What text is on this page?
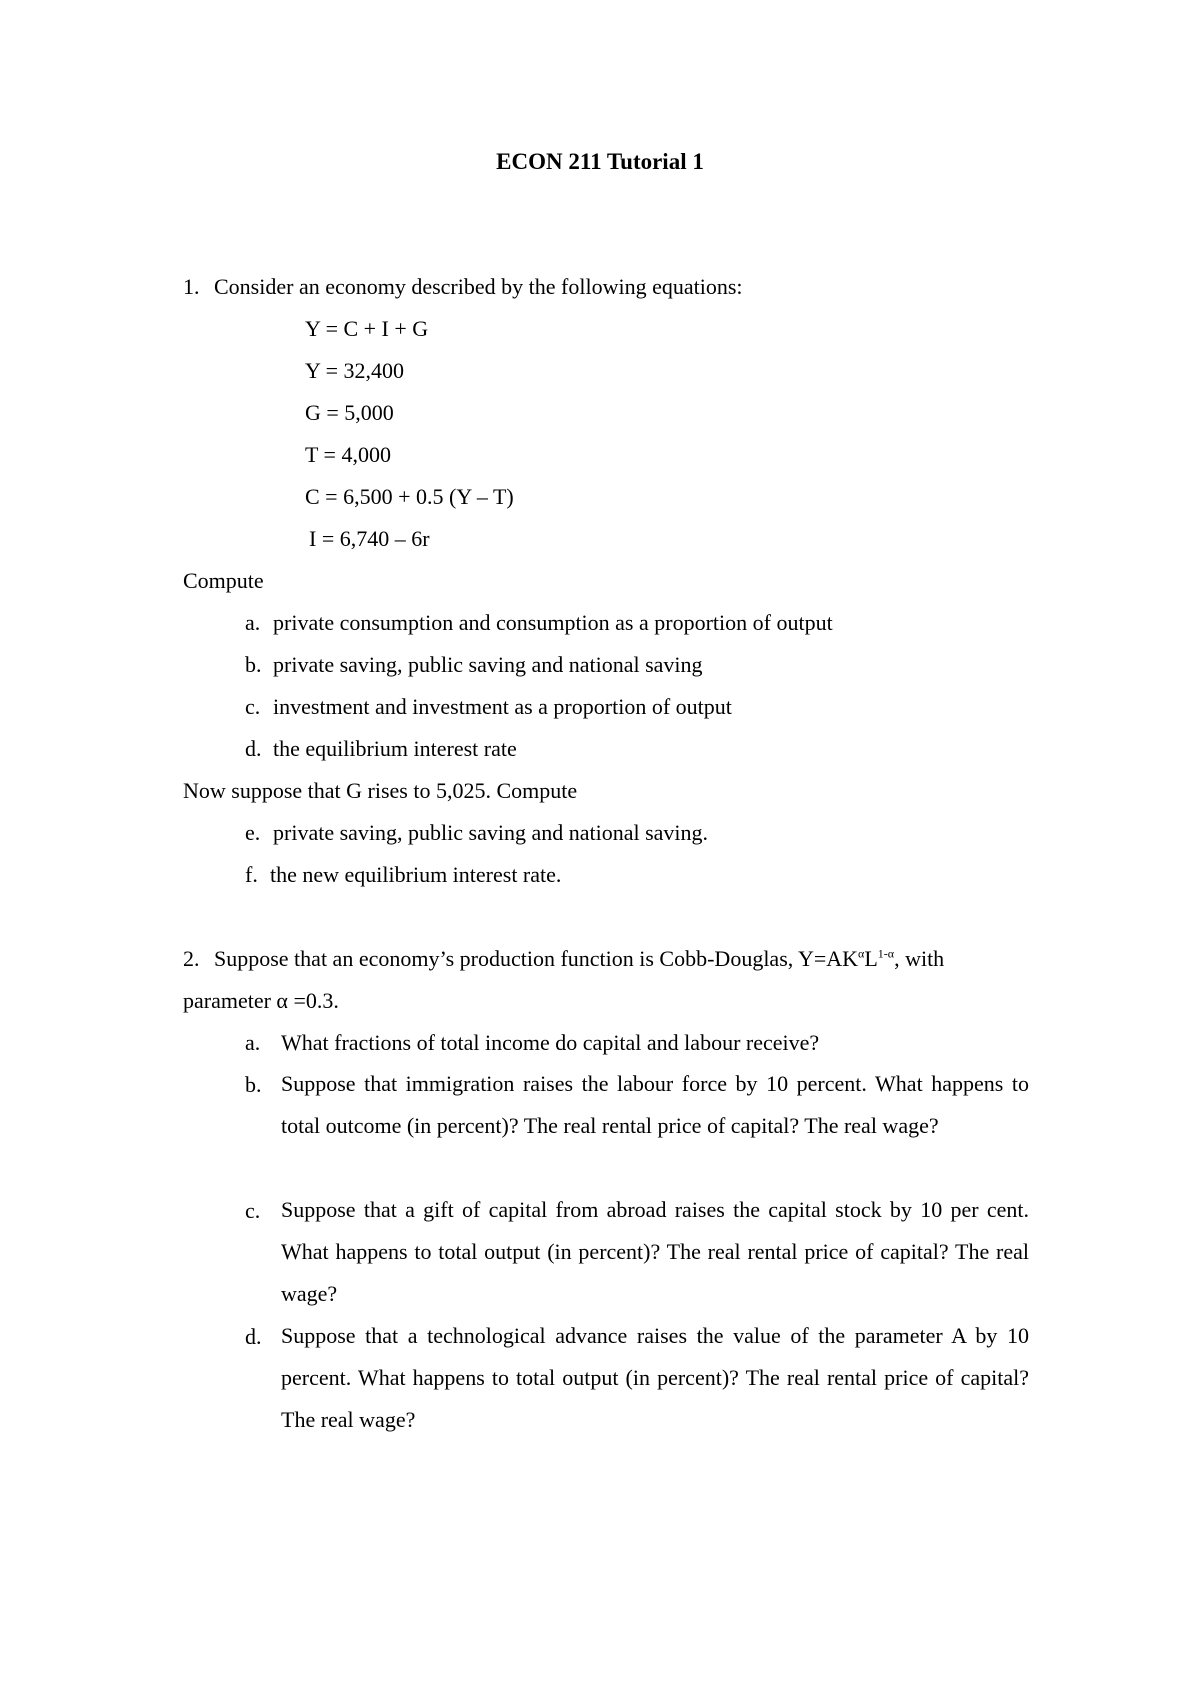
ECON 211 Tutorial 1
1. Consider an economy described by the following equations:
Y = C + I + G
Y = 32,400
G = 5,000
T = 4,000
C = 6,500 + 0.5 (Y – T)
I = 6,740 – 6r
Compute
a. private consumption and consumption as a proportion of output
b. private saving, public saving and national saving
c. investment and investment as a proportion of output
d. the equilibrium interest rate
Now suppose that G rises to 5,025. Compute
e. private saving, public saving and national saving.
f. the new equilibrium interest rate.
2. Suppose that an economy’s production function is Cobb-Douglas, $Y=AK^\alpha L^{1-\alpha}$, with
parameter α =0.3.
a. What fractions of total income do capital and labour receive?
b. Suppose that immigration raises the labour force by 10 percent. What happens to total outcome (in percent)? The real rental price of capital? The real wage?
c. Suppose that a gift of capital from abroad raises the capital stock by 10 per cent. What happens to total output (in percent)? The real rental price of capital? The real wage?
d. Suppose that a technological advance raises the value of the parameter A by 10 percent. What happens to total output (in percent)? The real rental price of capital? The real wage?
